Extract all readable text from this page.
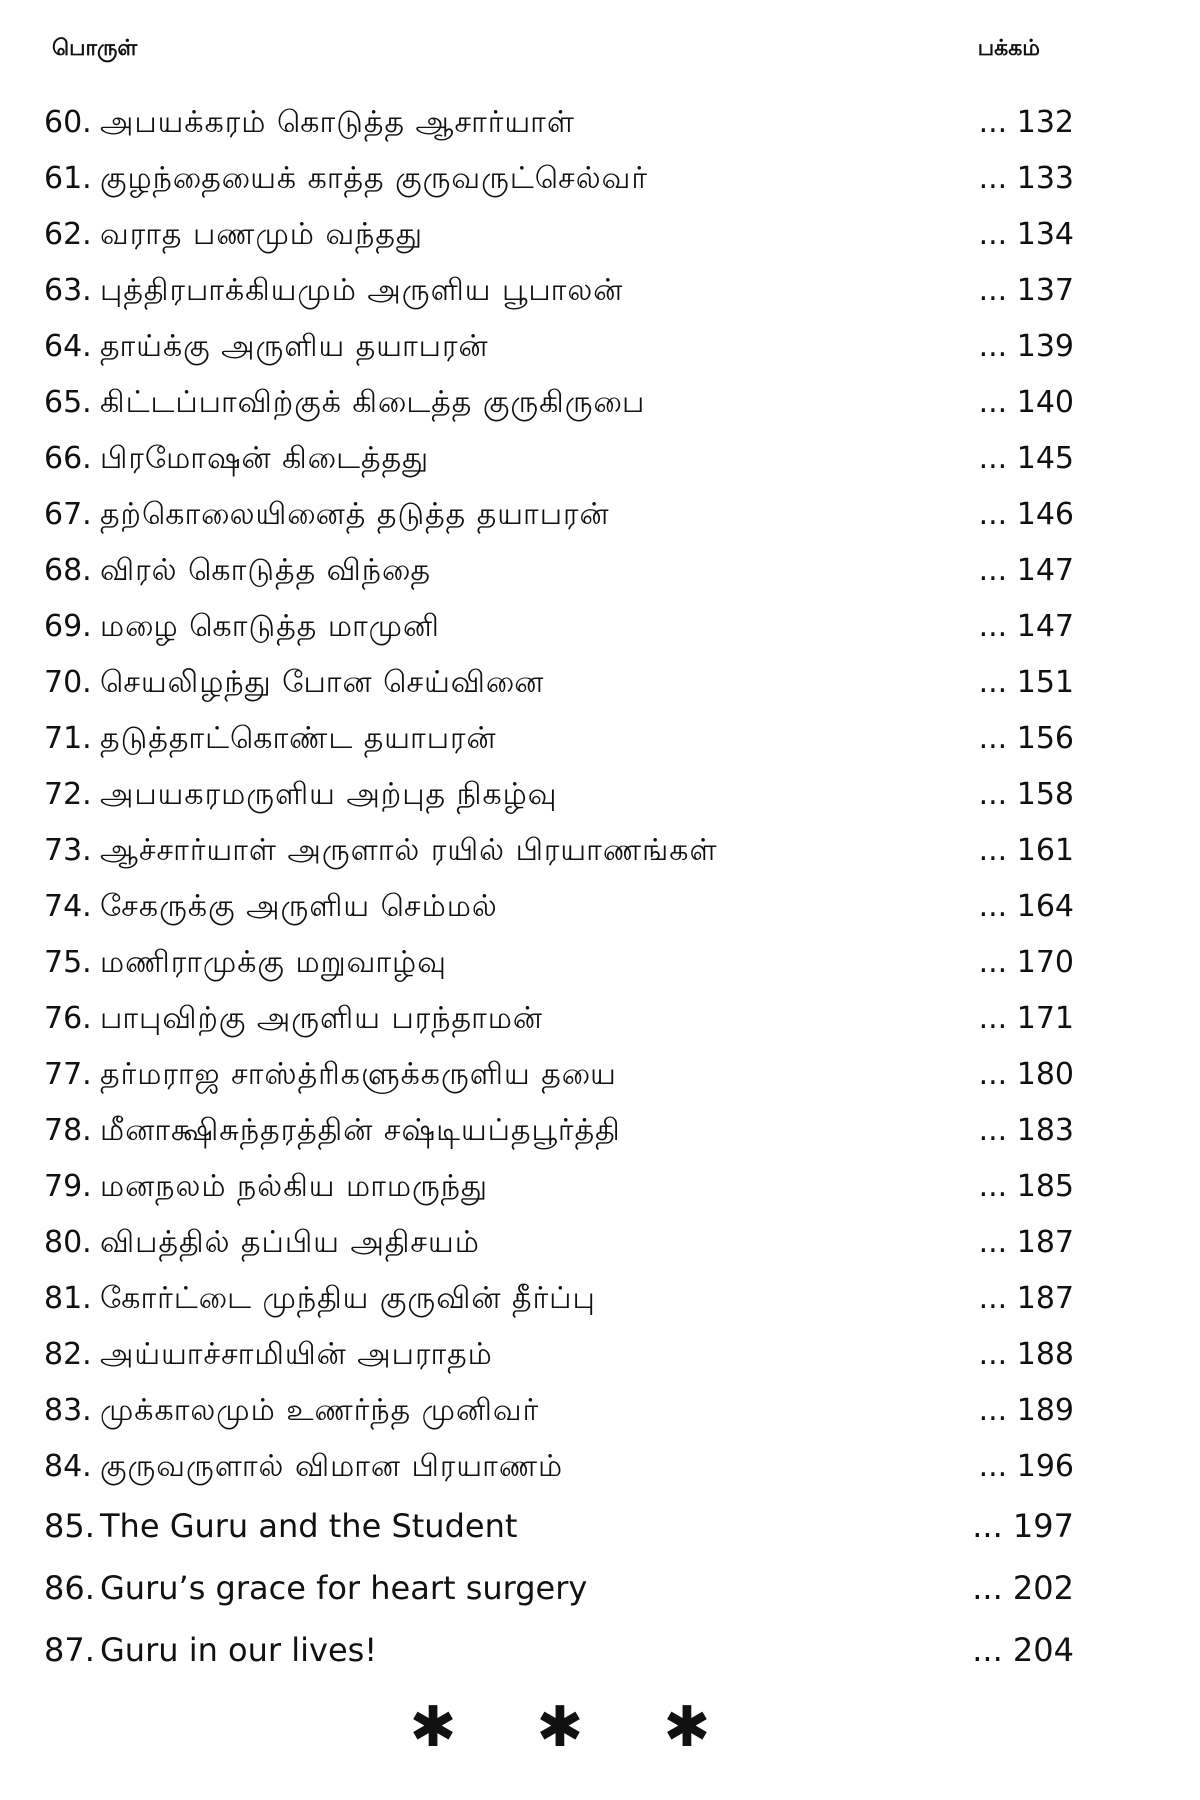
பொருள்	பக்கம்
60. அபயக்கரம் கொடுத்த ஆசார்யாள்	... 132
61. குழந்தையைக் காத்த குருவருட்செல்வர்	... 133
62. வராத பணமும் வந்தது	... 134
63. புத்திரபாக்கியமும் அருளிய பூபாலன்	... 137
64. தாய்க்கு அருளிய தயாபரன்	... 139
65. கிட்டப்பாவிற்குக் கிடைத்த குருகிருபை	... 140
66. பிரமோஷன் கிடைத்தது	... 145
67. தற்கொலையினைத் தடுத்த தயாபரன்	... 146
68. விரல் கொடுத்த விந்தை	... 147
69. மழை கொடுத்த மாமுனி	... 147
70. செயலிழந்து போன செய்வினை	... 151
71. தடுத்தாட்கொண்ட தயாபரன்	... 156
72. அபயகரமருளிய அற்புத நிகழ்வு	... 158
73. ஆச்சார்யாள் அருளால் ரயில் பிரயாணங்கள்	... 161
74. சேகருக்கு அருளிய செம்மல்	... 164
75. மணிராமுக்கு மறுவாழ்வு	... 170
76. பாபுவிற்கு அருளிய பரந்தாமன்	... 171
77. தர்மராஜ சாஸ்த்ரிகளுக்கருளிய தயை	... 180
78. மீனாக்ஷிசுந்தரத்தின் சஷ்டியப்தபூர்த்தி	... 183
79. மனநலம் நல்கிய மாமருந்து	... 185
80. விபத்தில் தப்பிய அதிசயம்	... 187
81. கோர்ட்டை முந்திய குருவின் தீர்ப்பு	... 187
82. அய்யாச்சாமியின் அபராதம்	... 188
83. முக்காலமும் உணர்ந்த முனிவர்	... 189
84. குருவருளால் விமான பிரயாணம்	... 196
85. The Guru and the Student	... 197
86. Guru’s grace for heart surgery	... 202
87. Guru in our lives!	... 204
✱✱✱
